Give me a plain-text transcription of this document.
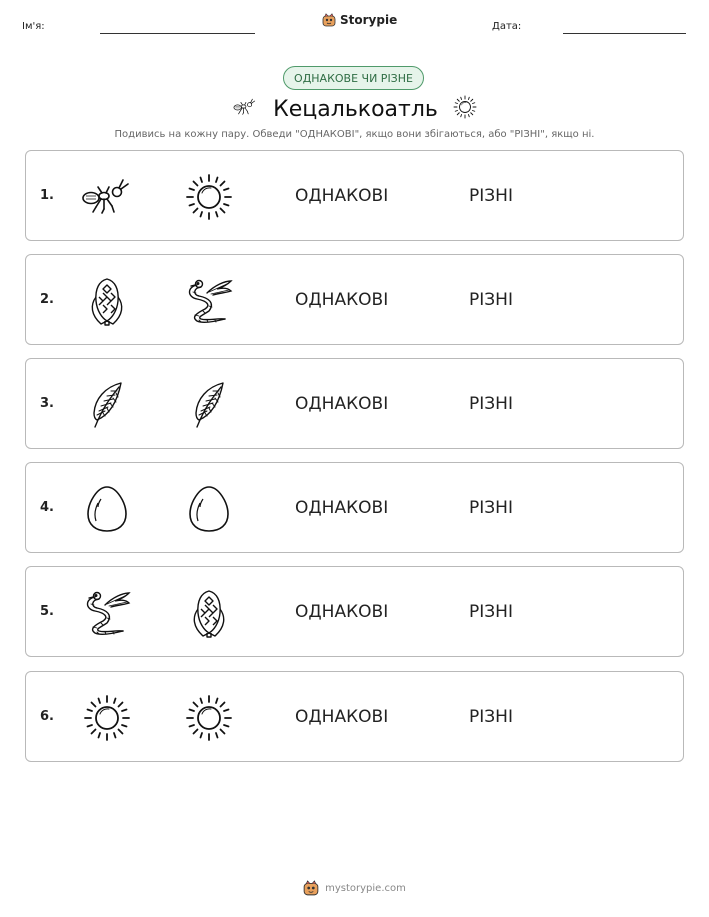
Ім'я:	Storypie	Дата:
ОДНАКОВЕ ЧИ РІЗНЕ
Кецалькоатль
Подивись на кожну пару. Обведи "ОДНАКОВІ", якщо вони збігаються, або "РІЗНІ", якщо ні.
1.	ОДНАКОВІ	РІЗНІ
2.	ОДНАКОВІ	РІЗНІ
3.	ОДНАКОВІ	РІЗНІ
4.	ОДНАКОВІ	РІЗНІ
5.	ОДНАКОВІ	РІЗНІ
6.	ОДНАКОВІ	РІЗНІ
mystorypie.com
